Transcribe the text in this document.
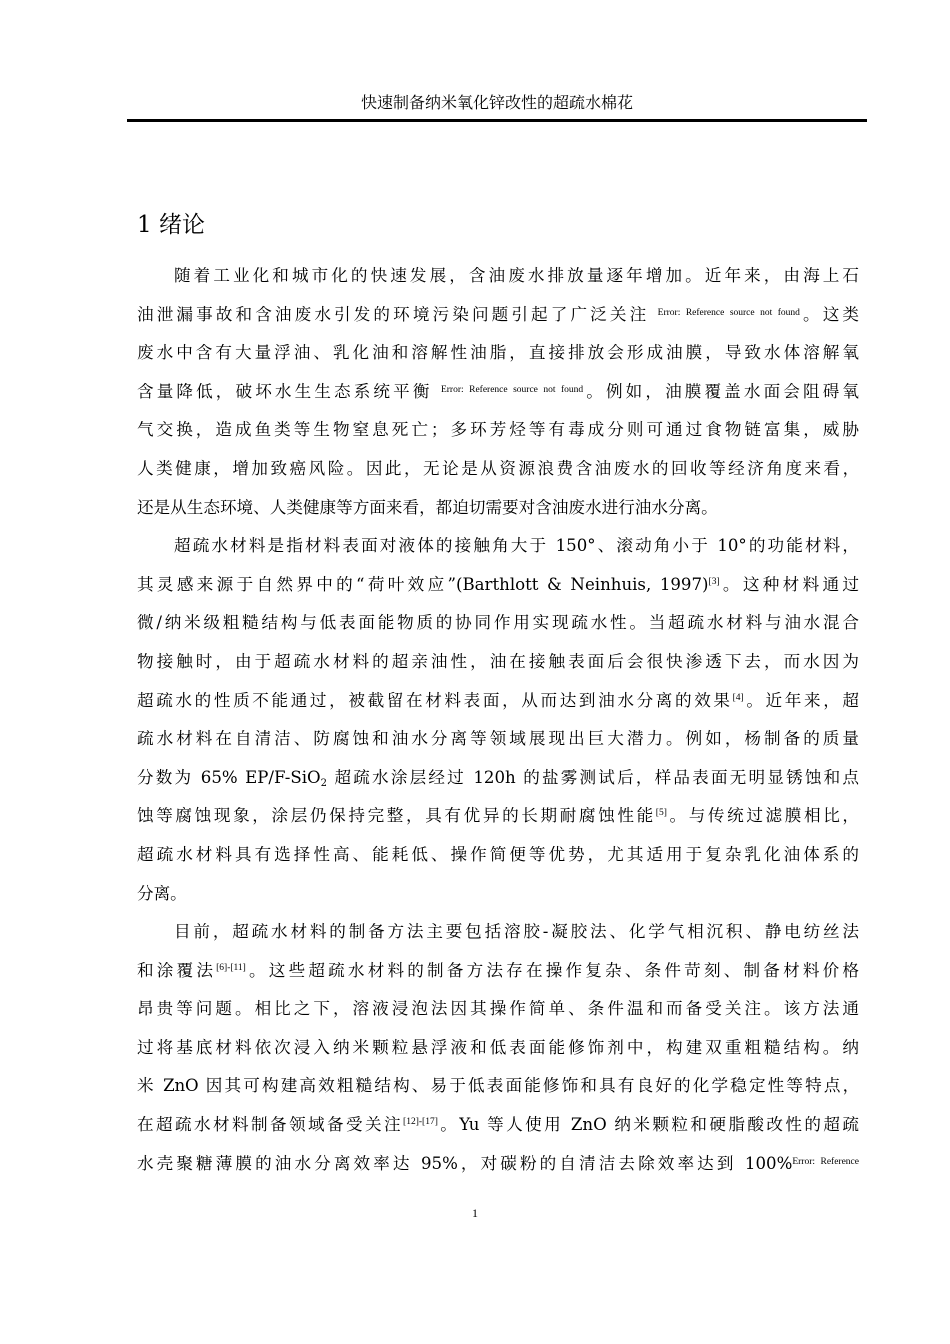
快速制备纳米氧化锌改性的超疏水棉花
1 绪论
随着工业化和城市化的快速发展，含油废水排放量逐年增加。近年来，由海上石
油泄漏事故和含油废水引发的环境污染问题引起了广泛关注 $^{Error: Reference source not found}$。这类
废水中含有大量浮油、乳化油和溶解性油脂，直接排放会形成油膜，导致水体溶解氧
含量降低，破坏水生生态系统平衡 $^{Error: Reference source not found}$。例如，油膜覆盖水面会阻碍氧
气交换，造成鱼类等生物窒息死亡；多环芳烃等有毒成分则可通过食物链富集，威胁
人类健康，增加致癌风险。因此，无论是从资源浪费含油废水的回收等经济角度来看，
还是从生态环境、人类健康等方面来看，都迫切需要对含油废水进行油水分离。
超疏水材料是指材料表面对液体的接触角大于 150°、滚动角小于 10°的功能材料，
其灵感来源于自然界中的“荷叶效应”(Barthlott & Neinhuis, 1997)[3]。这种材料通过
微/纳米级粗糙结构与低表面能物质的协同作用实现疏水性。当超疏水材料与油水混合
物接触时，由于超疏水材料的超亲油性，油在接触表面后会很快渗透下去，而水因为
超疏水的性质不能通过，被截留在材料表面，从而达到油水分离的效果[4]。近年来，超
疏水材料在自清洁、防腐蚀和油水分离等领域展现出巨大潜力。例如，杨制备的质量
分数为 65% EP/F-SiO$_2$ 超疏水涂层经过 120h 的盐雾测试后，样品表面无明显锈蚀和点
蚀等腐蚀现象，涂层仍保持完整，具有优异的长期耐腐蚀性能[5]。与传统过滤膜相比，
超疏水材料具有选择性高、能耗低、操作简便等优势，尤其适用于复杂乳化油体系的
分离。
目前，超疏水材料的制备方法主要包括溶胶-凝胶法、化学气相沉积、静电纺丝法
和涂覆法[6]-[11]。这些超疏水材料的制备方法存在操作复杂、条件苛刻、制备材料价格
昂贵等问题。相比之下，溶液浸泡法因其操作简单、条件温和而备受关注。该方法通
过将基底材料依次浸入纳米颗粒悬浮液和低表面能修饰剂中，构建双重粗糙结构。纳
米 ZnO 因其可构建高效粗糙结构、易于低表面能修饰和具有良好的化学稳定性等特点，
在超疏水材料制备领域备受关注[12]-[17]。Yu 等人使用 ZnO 纳米颗粒和硬脂酸改性的超疏
水壳聚糖薄膜的油水分离效率达 95%，对碳粉的自清洁去除效率达到 100%$^{Error: Reference}$
1
